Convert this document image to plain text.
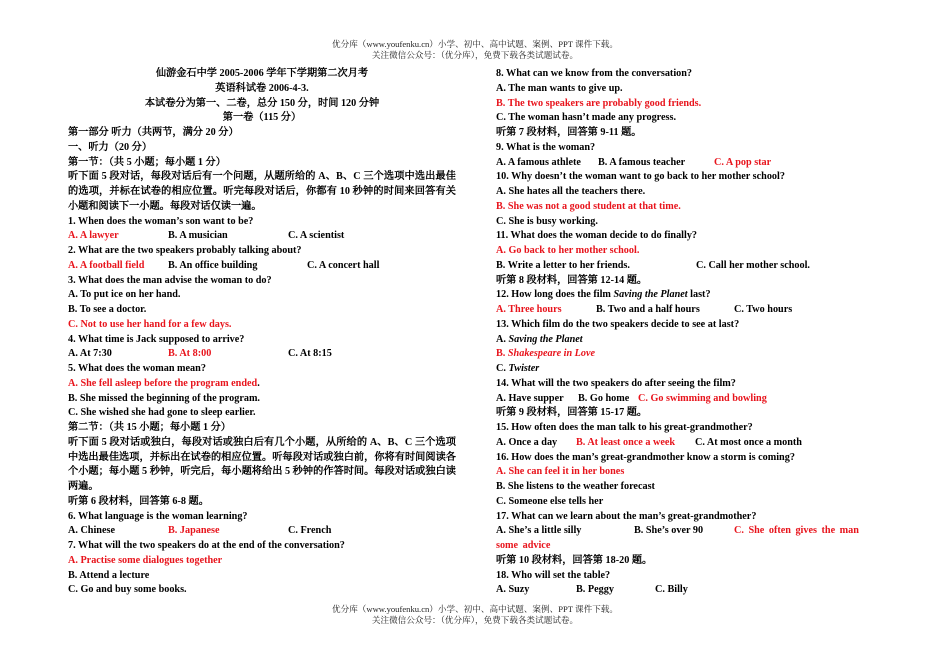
优分库（www.youfenku.cn）小学、初中、高中试题、案例、PPT 课件下载。

关注微信公众号：（优分库），免费下载各类试题试卷。

仙游金石中学 2005-2006 学年下学期第二次月考

英语科试卷 2006-4-3.

本试卷分为第一、二卷，总分 150 分，时间 120 分钟

第一卷（115 分）

第一部分 听力（共两节，满分 20 分）

一、听力（20 分）

第一节：（共 5 小题；每小题 1 分）

听下面 5 段对话，每段对话后有一个问题，从题所给的 A、B、C 三个选项中选出最佳的选项，并标在试卷的相应位置。听完每段对话后，你都有 10 秒钟的时间来回答有关小题和阅读下一小题。每段对话仅读一遍。

1. When does the woman’s son want to be?

A. A lawyer	B. A musician	C. A scientist

2. What are the two speakers probably talking about?

A. A football field B. An office building	C. A concert hall

3. What does the man advise the woman to do?

A. To put ice on her hand.

B. To see a doctor.

C. Not to use her hand for a few days.

4. What time is Jack supposed to arrive?

A. At 7:30	B. At 8:00	C. At 8:15

5. What does the woman mean?

A. She fell asleep before the program ended.

B. She missed the beginning of the program.

C. She wished she had gone to sleep earlier.

第二节：（共 15 小题；每小题 1 分）

听下面 5 段对话或独白，每段对话或独白后有几个小题，从所给的 A、B、C 三个选项中选出最佳选项，并标出在试卷的相应位置。听每段对话或独白前，你将有时间阅读各个小题；每小题 5 秒钟，听完后，每小题将给出 5 秒钟的作答时间。每段对话或独白读两遍。

听第 6 段材料，回答第 6-8 题。

6. What language is the woman learning?

A. Chinese	B. Japanese	C. French

7. What will the two speakers do at the end of the conversation?

A. Practise some dialogues together

B. Attend a lecture

C. Go and buy some books.

8. What can we know from the conversation?

A. The man wants to give up.

B. The two speakers are probably good friends.

C. The woman hasn’t made any progress.

听第 7 段材料，回答第 9-11 题。

9. What is the woman?

A. A famous athlete B. A famous teacher	C. A pop star

10. Why doesn’t the woman want to go back to her mother school?

A. She hates all the teachers there.

B. She was not a good student at that time.

C. She is busy working.

11. What does the woman decide to do finally?

A. Go back to her mother school.

B. Write a letter to her friends.	C. Call her mother school.

听第 8 段材料，回答第 12-14 题。

12. How long does the film Saving the Planet last?

A. Three hours	B. Two and a half hours	C. Two hours

13. Which film do the two speakers decide to see at last?

A. Saving the Planet

B. Shakespeare in Love

C. Twister

14. What will the two speakers do after seeing the film?

A. Have supper B. Go home C. Go swimming and bowling

听第 9 段材料，回答第 15-17 题。

15. How often does the man talk to his great-grandmother?

A. Once a day B. At least once a week C. At most once a month

16. How does the man’s great-grandmother know a storm is coming?

A. She can feel it in her bones

B. She listens to the weather forecast

C. Someone else tells her

17. What can we learn about the man’s great-grandmother?

A. She’s a little silly	B. She’s over 90	C. She often gives the man some advice

听第 10 段材料，回答第 18-20 题。

18. Who will set the table?

A. Suzy	B. Peggy	C. Billy

优分库（www.youfenku.cn）小学、初中、高中试题、案例、PPT 课件下载。

关注微信公众号：（优分库），免费下载各类试题试卷。
